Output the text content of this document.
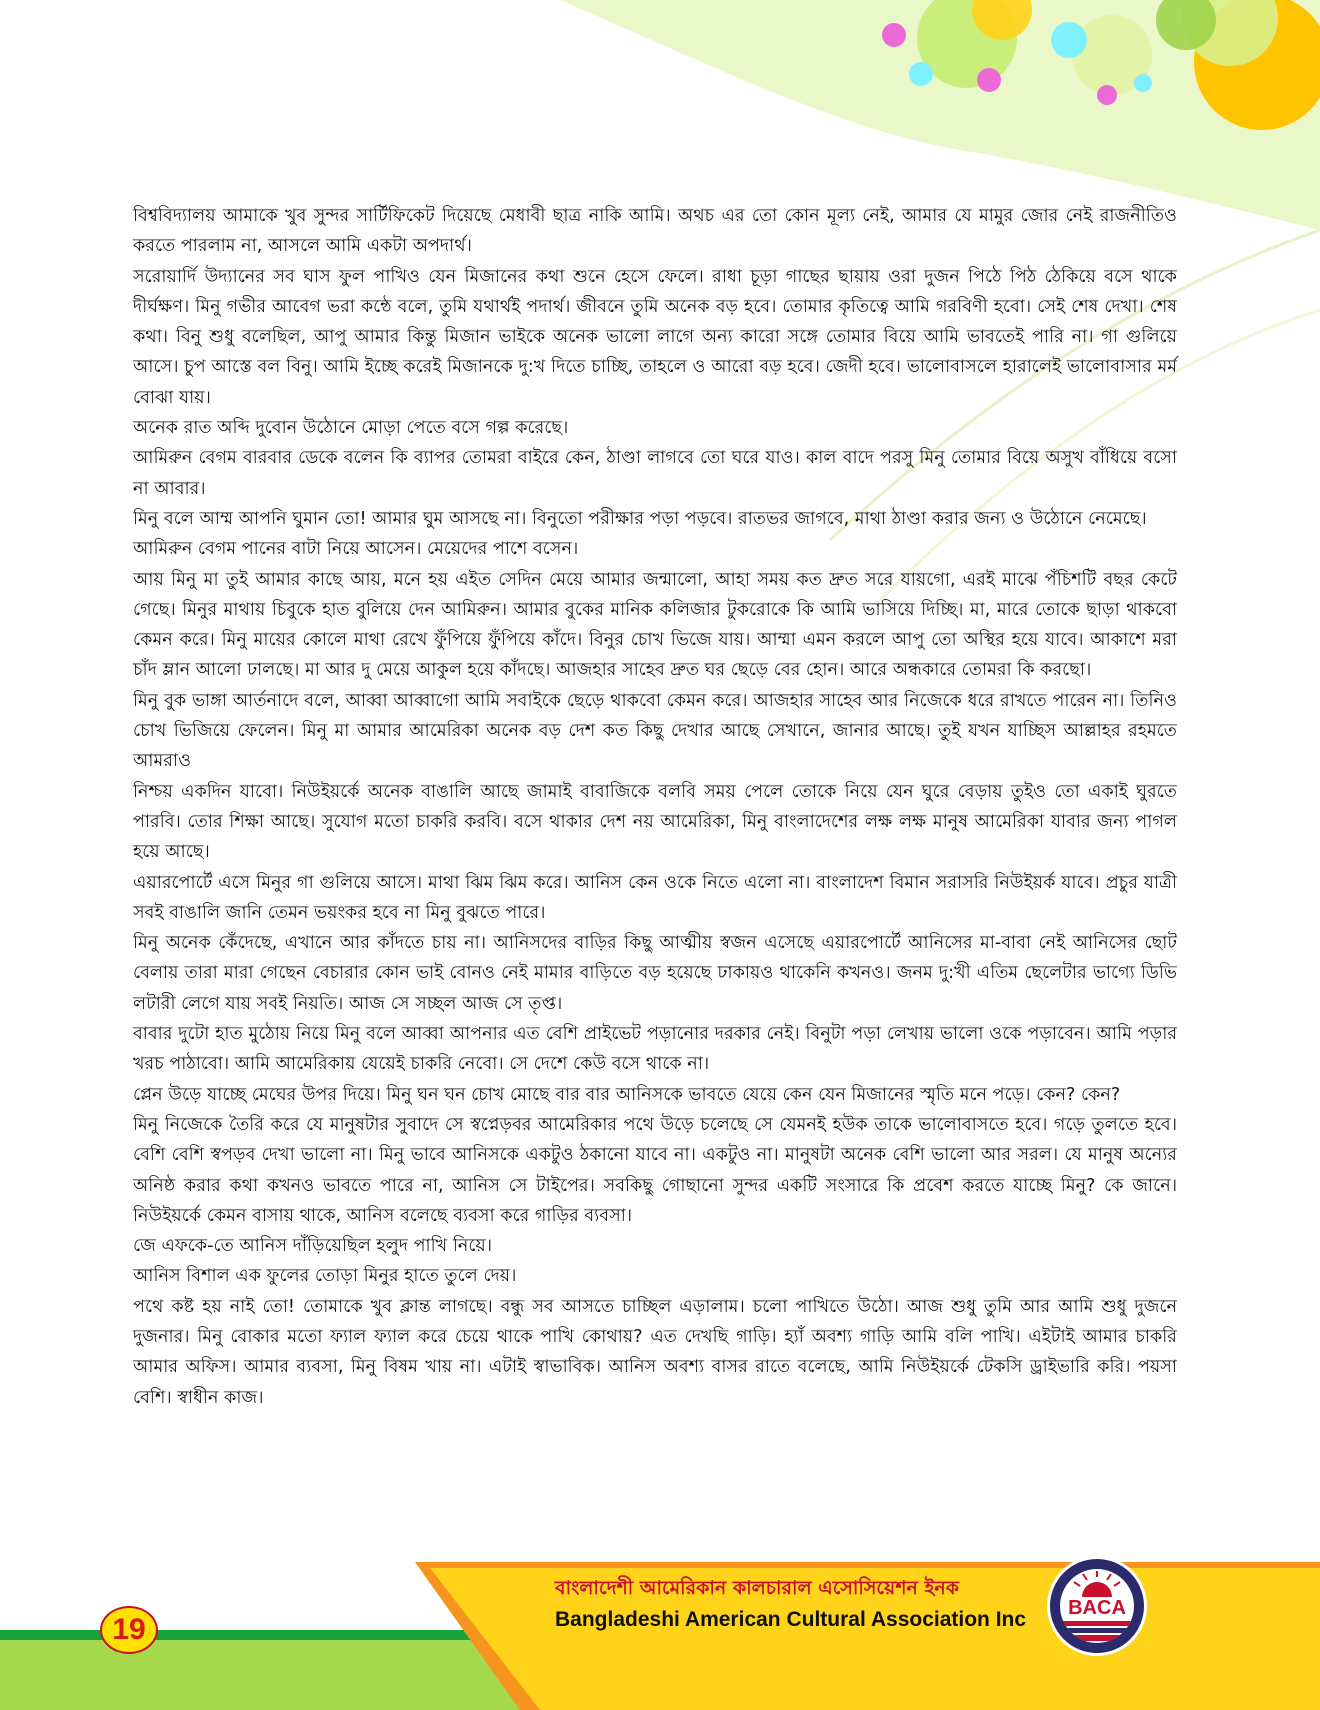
বিশ্ববিদ্যালয় আমাকে খুব সুন্দর সার্টিফিকেট দিয়েছে মেধাবী ছাত্র নাকি আমি। অথচ এর তো কোন মূল্য নেই, আমার যে মামুর জোর নেই রাজনীতিও করতে পারলাম না, আসলে আমি একটা অপদার্থ।

সরোয়ার্দি উদ্যানের সব ঘাস ফুল পাখিও যেন মিজানের কথা শুনে হেসে ফেলে। রাধা চূড়া গাছের ছায়ায় ওরা দুজন পিঠে পিঠ ঠেকিয়ে বসে থাকে দীর্ঘক্ষণ। মিনু গভীর আবেগ ভরা কন্ঠে বলে, তুমি যথার্থই পদার্থ। জীবনে তুমি অনেক বড় হবে। তোমার কৃতিত্বে আমি গরবিণী হবো। সেই শেষ দেখা। শেষ কথা। বিনু শুধু বলেছিল, আপু আমার কিন্তু মিজান ভাইকে অনেক ভালো লাগে অন্য কারো সঙ্গে তোমার বিয়ে আমি ভাবতেই পারি না। গা গুলিয়ে আসে। চুপ আস্তে বল বিনু। আমি ইচ্ছে করেই মিজানকে দু:খ দিতে চাচ্ছি, তাহলে ও আরো বড় হবে। জেদী হবে। ভালোবাসলে হারালেই ভালোবাসার মর্ম বোঝা যায়।

অনেক রাত অব্দি দুবোন উঠোনে মোড়া পেতে বসে গল্প করেছে।

আমিরুন বেগম বারবার ডেকে বলেন কি ব্যাপর তোমরা বাইরে কেন, ঠাণ্ডা লাগবে তো ঘরে যাও। কাল বাদে পরসু মিনু তোমার বিয়ে অসুখ বাঁধিয়ে বসো না আবার।

মিনু বলে আম্ম আপনি ঘুমান তো! আমার ঘুম আসছে না। বিনুতো পরীক্ষার পড়া পড়বে। রাতভর জাগবে, মাথা ঠাণ্ডা করার জন্য ও উঠোনে নেমেছে।

আমিরুন বেগম পানের বাটা নিয়ে আসেন। মেয়েদের পাশে বসেন।

আয় মিনু মা তুই আমার কাছে আয়, মনে হয় এইত সেদিন মেয়ে আমার জন্মালো, আহা সময় কত দ্রুত সরে যায়গো, এরই মাঝে পঁচিশটি বছর কেটে গেছে। মিনুর মাথায় চিবুকে হাত বুলিয়ে দেন আমিরুন। আমার বুকের মানিক কলিজার টুকরোকে কি আমি ভাসিয়ে দিচ্ছি। মা, মারে তোকে ছাড়া থাকবো কেমন করে। মিনু মায়ের কোলে মাথা রেখে ফুঁপিয়ে ফুঁপিয়ে কাঁদে। বিনুর চোখ ভিজে যায়। আম্মা এমন করলে আপু তো অস্থির হয়ে যাবে। আকাশে মরা চাঁদ ম্লান আলো ঢালছে। মা আর দু মেয়ে আকুল হয়ে কাঁদছে। আজহার সাহেব দ্রুত ঘর ছেড়ে বের হোন। আরে অন্ধকারে তোমরা কি করছো।

মিনু বুক ভাঙ্গা আর্তনাদে বলে, আব্বা আব্বাগো আমি সবাইকে ছেড়ে থাকবো কেমন করে। আজহার সাহেব আর নিজেকে ধরে রাখতে পারেন না। তিনিও চোখ ভিজিয়ে ফেলেন। মিনু মা আমার আমেরিকা অনেক বড় দেশ কত কিছু দেখার আছে সেখানে, জানার আছে। তুই যখন যাচ্ছিস আল্লাহর রহমতে আমরাও

নিশ্চয় একদিন যাবো। নিউইয়র্কে অনেক বাঙালি আছে জামাই বাবাজিকে বলবি সময় পেলে তোকে নিয়ে যেন ঘুরে বেড়ায় তুইও তো একাই ঘুরতে পারবি। তোর শিক্ষা আছে। সুযোগ মতো চাকরি করবি। বসে থাকার দেশ নয় আমেরিকা, মিনু বাংলাদেশের লক্ষ লক্ষ মানুষ আমেরিকা যাবার জন্য পাগল হয়ে আছে।

এয়ারপোর্টে এসে মিনুর গা গুলিয়ে আসে। মাথা ঝিম ঝিম করে। আনিস কেন ওকে নিতে এলো না। বাংলাদেশ বিমান সরাসরি নিউইয়র্ক যাবে। প্রচুর যাত্রী সবই বাঙালি জানি তেমন ভয়ংকর হবে না মিনু বুঝতে পারে।

মিনু অনেক কেঁদেছে, এখানে আর কাঁদতে চায় না। আনিসদের বাড়ির কিছু আত্মীয় স্বজন এসেছে এয়ারপোর্টে আনিসের মা-বাবা নেই আনিসের ছোট বেলায় তারা মারা গেছেন বেচারার কোন ভাই বোনও নেই মামার বাড়িতে বড় হয়েছে ঢাকায়ও থাকেনি কখনও। জনম দু:খী এতিম ছেলেটার ভাগ্যে ডিভি লটারী লেগে যায় সবই নিয়তি। আজ সে সচ্ছল আজ সে তৃপ্ত।

বাবার দুটো হাত মুঠোয় নিয়ে মিনু বলে আব্বা আপনার এত বেশি প্রাইভেট পড়ানোর দরকার নেই। বিনুটা পড়া লেখায় ভালো ওকে পড়াবেন। আমি পড়ার খরচ পাঠাবো। আমি আমেরিকায় যেয়েই চাকরি নেবো। সে দেশে কেউ বসে থাকে না।

প্লেন উড়ে যাচ্ছে মেঘের উপর দিয়ে। মিনু ঘন ঘন চোখ মোছে বার বার আনিসকে ভাবতে যেয়ে কেন যেন মিজানের স্মৃতি মনে পড়ে। কেন? কেন?

মিনু নিজেকে তৈরি করে যে মানুষটার সুবাদে সে স্বপ্নেড়বর আমেরিকার পথে উড়ে চলেছে সে যেমনই হউক তাকে ভালোবাসতে হবে। গড়ে তুলতে হবে। বেশি বেশি স্বপড়ব দেখা ভালো না। মিনু ভাবে আনিসকে একটুও ঠকানো যাবে না। একটুও না। মানুষটা অনেক বেশি ভালো আর সরল। যে মানুষ অন্যের অনিষ্ঠ করার কথা কখনও ভাবতে পারে না, আনিস সে টাইপের। সবকিছু গোছানো সুন্দর একটি সংসারে কি প্রবেশ করতে যাচ্ছে মিনু? কে জানে। নিউইয়র্কে কেমন বাসায় থাকে, আনিস বলেছে ব্যবসা করে গাড়ির ব্যবসা।

জে এফকে-তে আনিস দাঁড়িয়েছিল হলুদ পাখি নিয়ে।

আনিস বিশাল এক ফুলের তোড়া মিনুর হাতে তুলে দেয়।

পথে কষ্ট হয় নাই তো! তোমাকে খুব ক্লান্ত লাগছে। বন্ধু সব আসতে চাচ্ছিল এড়ালাম। চলো পাখিতে উঠো। আজ শুধু তুমি আর আমি শুধু দুজনে দুজনার। মিনু বোকার মতো ফ্যাল ফ্যাল করে চেয়ে থাকে পাখি কোথায়? এত দেখছি গাড়ি। হ্যাঁ অবশ্য গাড়ি আমি বলি পাখি। এইটাই আমার চাকরি আমার অফিস। আমার ব্যবসা, মিনু বিষম খায় না। এটাই স্বাভাবিক। আনিস অবশ্য বাসর রাতে বলেছে, আমি নিউইয়র্কে টেকসি ড্রাইভারি করি। পয়সা বেশি। স্বাধীন কাজ।

19
বাংলাদেশী আমেরিকান কালচারাল এসোসিয়েশন ইনক
Bangladeshi American Cultural Association Inc	BACA
